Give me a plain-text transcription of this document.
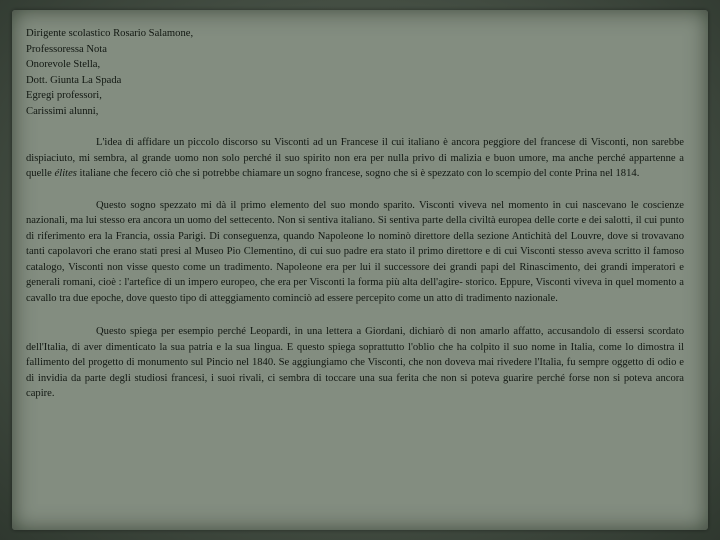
Dirigente scolastico Rosario Salamone,

Professoressa Nota

Onorevole Stella,

Dott. Giunta La Spada

Egregi professori,

Carissimi alunni,

L'idea di affidare un piccolo discorso su Visconti ad un Francese il cui italiano è ancora peggiore del francese di Visconti, non sarebbe dispiaciuto, mi sembra, al grande uomo non solo perché il suo spirito non era per nulla privo di malizia e buon umore, ma anche perché appartenne a quelle élites italiane che fecero ciò che si potrebbe chiamare un sogno francese, sogno che si è spezzato con lo scempio del conte Prina nel 1814.

Questo sogno spezzato mi dà il primo elemento del suo mondo sparito. Visconti viveva nel momento in cui nascevano le coscienze nazionali, ma lui stesso era ancora un uomo del settecento. Non si sentiva italiano. Si sentiva parte della civiltà europea delle corte e dei salotti, il cui punto di riferimento era la Francia, ossia Parigi. Di conseguenza, quando Napoleone lo nominò direttore della sezione Antichità del Louvre, dove si trovavano tanti capolavori che erano stati presi al Museo Pio Clementino, di cui suo padre era stato il primo direttore e di cui Visconti stesso aveva scritto il famoso catalogo, Visconti non visse questo come un tradimento. Napoleone era per lui il successore dei grandi papi del Rinascimento, dei grandi imperatori e generali romani, cioè : l'artefice di un impero europeo, che era per Visconti la forma più alta dell'agire- storico. Eppure, Visconti viveva in quel momento a cavallo tra due epoche, dove questo tipo di atteggiamento cominciò ad essere percepito come un atto di tradimento nazionale.

Questo spiega per esempio perché Leopardi, in una lettera a Giordani, dichiarò di non amarlo affatto, accusandolo di essersi scordato dell'Italia, di aver dimenticato la sua patria e la sua lingua. E questo spiega soprattutto l'oblio che ha colpito il suo nome in Italia, come lo dimostra il fallimento del progetto di monumento sul Pincio nel 1840. Se aggiungiamo che Visconti, che non doveva mai rivedere l'Italia, fu sempre oggetto di odio e di invidia da parte degli studiosi francesi, i suoi rivali, ci sembra di toccare una sua ferita che non si poteva guarire perché forse non si poteva ancora capire.
